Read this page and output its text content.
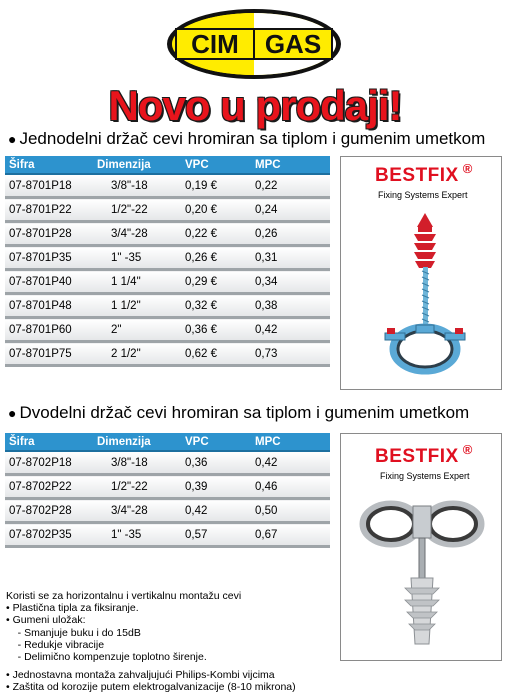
CIM GAS
Novo u prodaji!
● Jednodelni držač cevi hromiran sa tiplom i gumenim umetkom
Šifra	Dimenzija	VPC	MPC
07-8701P18	3/8"-18	0,19 €	0,22
07-8701P22	1/2"-22	0,20 €	0,24
07-8701P28	3/4"-28	0,22 €	0,26
07-8701P35	1" -35	0,26 €	0,31
07-8701P40	1 1/4"	0,29 €	0,34
07-8701P48	1 1/2"	0,32 €	0,38
07-8701P60	2"	0,36 €	0,42
07-8701P75	2 1/2"	0,62 €	0,73
BESTFIX ®
Fixing Systems Expert
● Dvodelni držač cevi hromiran sa tiplom i gumenim umetkom
Šifra	Dimenzija	VPC	MPC
07-8702P18	3/8"-18	0,36	0,42
07-8702P22	1/2"-22	0,39	0,46
07-8702P28	3/4"-28	0,42	0,50
07-8702P35	1" -35	0,57	0,67
BESTFIX ®
Fixing Systems Expert
Koristi se za horizontalnu i vertikalnu montažu cevi
• Plastična tipla za fiksiranje.
• Gumeni uložak:
- Smanjuje buku i do 15dB
- Redukje vibracije
- Delimično kompenzuje toplotno širenje.
• Jednostavna montaža zahvaljujući Philips-Kombi vijcima
• Zaštita od korozije putem elektrogalvanizacije (8-10 mikrona)
